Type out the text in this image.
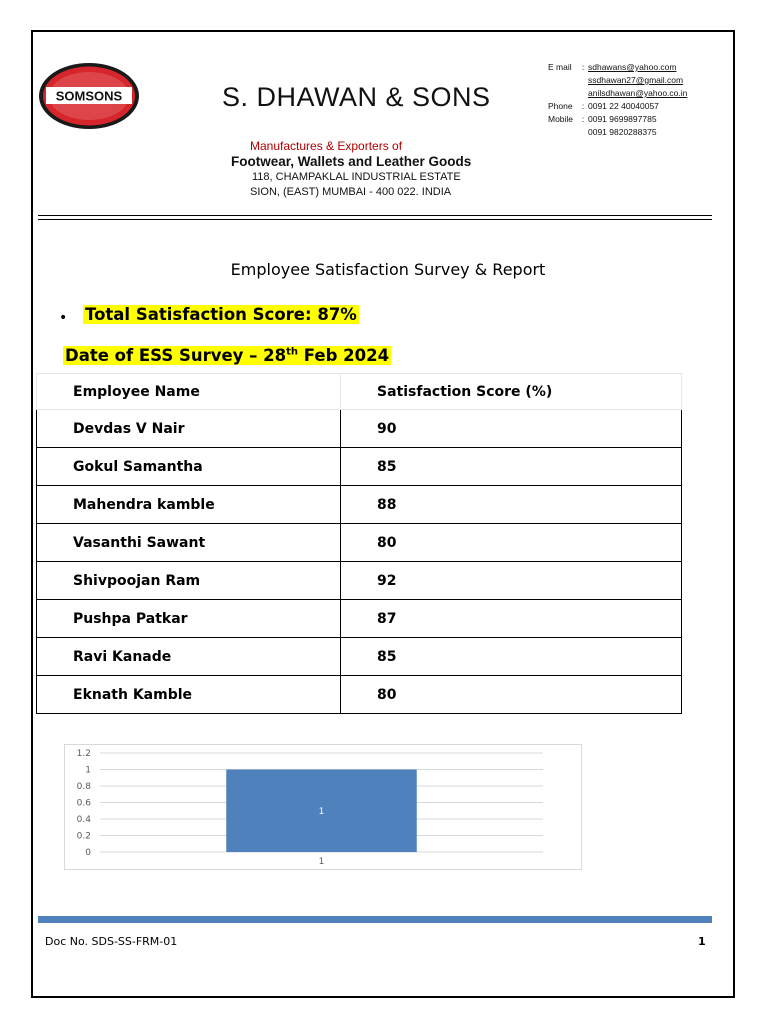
SOMSONS	S. DHAWAN & SONS
Manufactures & Exporters of
Footwear, Wallets and Leather Goods
118, CHAMPAKLAL INDUSTRIAL ESTATE
SION, (EAST) MUMBAI - 400 022. INDIA
E mail	: sdhawans@yahoo.com
ssdhawan27@gmail.com
anilsdhawan@yahoo.co.in
Phone	: 0091 22 40040057
Mobile	: 0091 9699897785
0091 9820288375
Employee Satisfaction Survey & Report
• Total Satisfaction Score: 87%
Date of ESS Survey – 28th Feb 2024
Employee Name	Satisfaction Score (%)
Devdas V Nair	90
Gokul Samantha	85
Mahendra kamble	88
Vasanthi Sawant	80
Shivpoojan Ram	92
Pushpa Patkar	87
Ravi Kanade	85
Eknath Kamble	80
0
0.2
0.4
0.6
0.8
1
1.2
1
1
Doc No. SDS-SS-FRM-01	1
